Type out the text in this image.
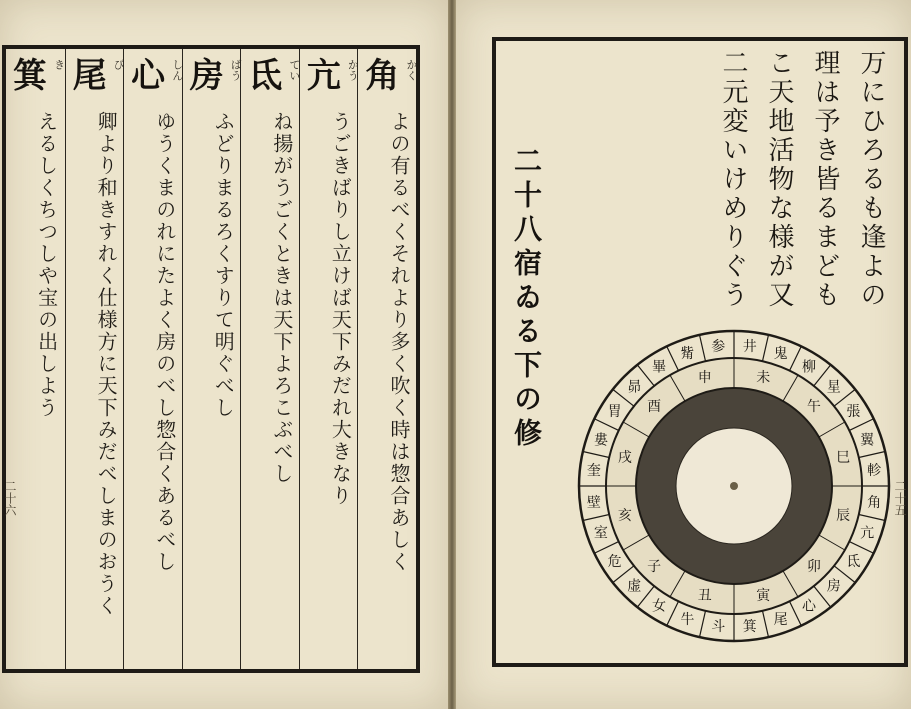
角 かく
よの有るべくそれより多く吹く時は惣合あしく
亢 かう
うごきばりし立けば天下みだれ大きなり
氐 てい
ね揚がうごくときは天下よろこぶべし
房 ばう
ふどりまるろくすりて明ぐべし
心 しん
ゆうくまのれにたよく房のべし惣合くあるべし
尾 び
卿より和きすれく仕様方に天下みだべしまのおうく
箕 き
えるしくちつしや宝の出しよう
二十六
万にひろるも逢よの理は予き皆るまどもこ天地活物な様が又二元変いけめりぐう
二十八宿ゐる下の修
角
亢
氐
房
心
尾
箕
斗
牛
女
虚
危
室
壁
奎
婁
胃
昴
畢
觜 参 井 鬼
柳
星
張
翼
軫
辰
卯
寅
丑
子
亥
戌
酉
申	未
午
巳
二十五
